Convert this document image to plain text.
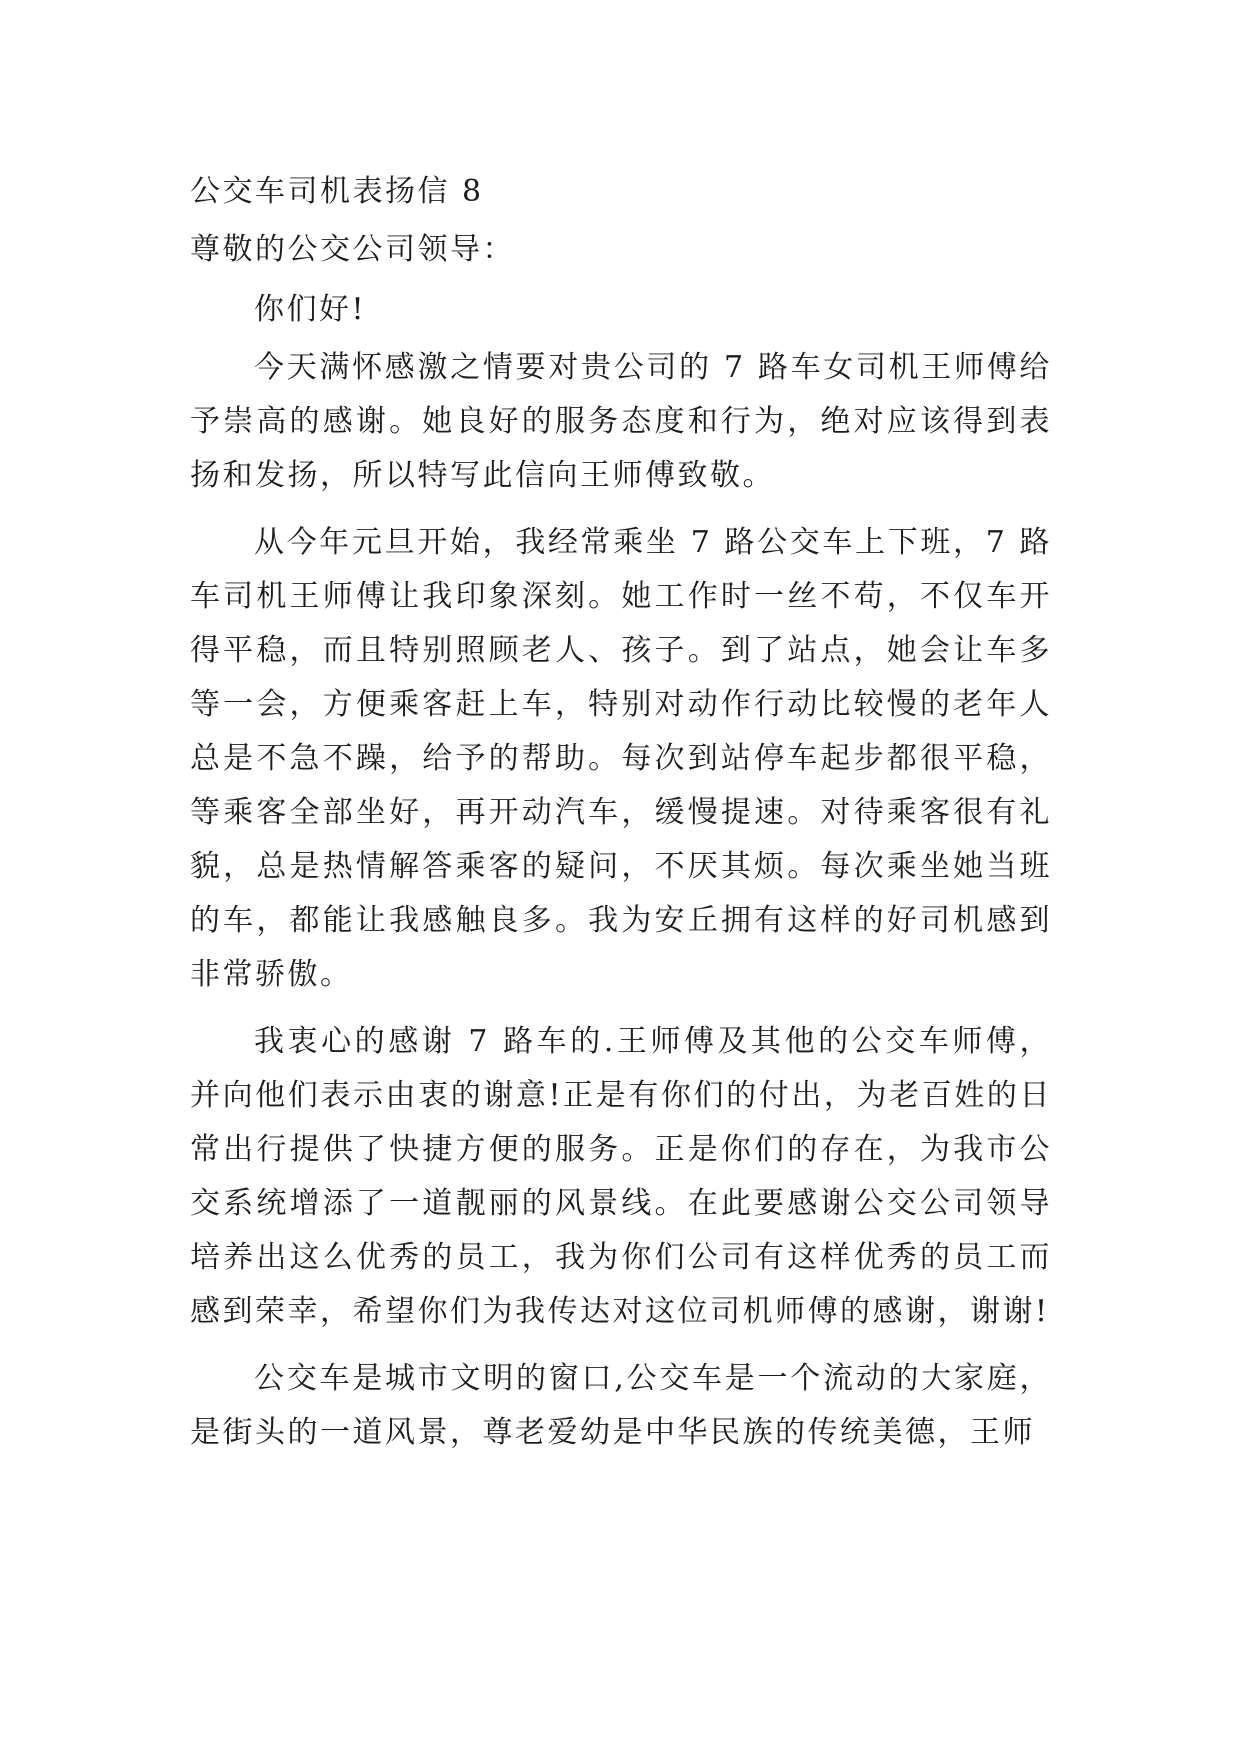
公交车司机表扬信 8
尊敬的公交公司领导：
你们好!

今天满怀感激之情要对贵公司的 7 路车女司机王师傅给予崇高的感谢。她良好的服务态度和行为，绝对应该得到表扬和发扬，所以特写此信向王师傅致敬。

从今年元旦开始，我经常乘坐 7 路公交车上下班，7 路车司机王师傅让我印象深刻。她工作时一丝不苟，不仅车开得平稳，而且特别照顾老人、孩子。到了站点，她会让车多等一会，方便乘客赶上车，特别对动作行动比较慢的老年人总是不急不躁，给予的帮助。每次到站停车起步都很平稳，等乘客全部坐好，再开动汽车，缓慢提速。对待乘客很有礼貌，总是热情解答乘客的疑问，不厌其烦。每次乘坐她当班的车，都能让我感触良多。我为安丘拥有这样的好司机感到非常骄傲。

我衷心的感谢 7 路车的.王师傅及其他的公交车师傅，并向他们表示由衷的谢意!正是有你们的付出，为老百姓的日常出行提供了快捷方便的服务。正是你们的存在，为我市公交系统增添了一道靓丽的风景线。在此要感谢公交公司领导培养出这么优秀的员工，我为你们公司有这样优秀的员工而感到荣幸，希望你们为我传达对这位司机师傅的感谢，谢谢!

公交车是城市文明的窗口,公交车是一个流动的大家庭，是街头的一道风景，尊老爱幼是中华民族的传统美德，王师
